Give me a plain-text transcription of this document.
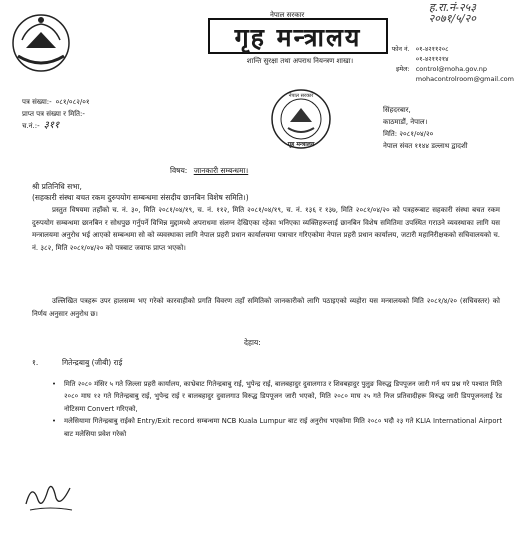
ह.रा.नं-२५३
२०७१/५/२०
नेपाल सरकार
गृह मन्त्रालय
शान्ति सुरक्षा तथा अपराध नियन्त्रण शाखा।
फोन नं. ०१-४२११२०८
०१-४२११२१४
इमेल: control@moha.gov.np
mohacontrolroom@gmail.com
पत्र संख्या:- ०८१/०८२/०१
प्राप्त पत्र संख्या र मिति:-
च.नं.:- ३११
नेपाल सरकार
गृह मन्त्रालय
सिंहदरबार,
काठमाडौं, नेपाल।
मिति: २०८१/०४/२०
नेपाल संवत ११४४ डल्लाथ द्वादशी
विषय: जानकारी सम्बन्धमा।
श्री प्रतिनिधि सभा,
(सहकारी संस्था बचत रकम दुरुपयोग सम्बन्धमा संसदीय छानबिन विशेष समिति।)
प्रस्तुत विषयमा तहाँको च. नं. ३०, मिति २०८१/०४/१९, च. नं. ११२, मिति २०८१/०४/१९, च. नं. १३६ र १३७, मिति २०८१/०४/२० को पत्रहरूबाट सहकारी संस्था बचत रकम दुरुपयोग सम्बन्धमा छानबिन र सोधपुछ गर्नुपर्ने विभिन्न मुद्दामध्ये अपराधमा संलग्न देखिएका रहेका भनिएका व्यक्तिहरूलाई छानबिन विशेष समितिमा उपस्थित गराउने व्यवस्थाका लागि यस मन्त्रालयमा अनुरोध भई आएको सम्बन्धमा सो को व्यवस्थाका लागि नेपाल प्रहरी प्रधान कार्यालयमा पत्राचार गरिएकोमा नेपाल प्रहरी प्रधान कार्यालय, जटारी महानिरीक्षकको सचिवालयको च. नं. ३८२, मिति २०८१/०४/२० को पत्रबाट जवाफ प्राप्त भएको।
उल्लिखित पत्रहरू उपर हालसम्म भए गरेको कारवाहीको प्रगति विवरण तहाँ समितिको जानकारीको लागि पठाइएको व्यहोरा यस मन्त्रालयको मिति २०८१/४/२० (सचिवस्तर) को निर्णय अनुसार अनुरोध छ।
देहाय:
१.	गितेन्द्रबाबु (जीबी) राई
•	मिति २०८० मंसिर ५ गते जिल्ला प्रहरी कार्यालय, काभ्रेबाट गितेन्द्रबाबु राई, भुपेन्द्र राई, बालबहादुर दुवालगाउ र शिवबहादुर पुलुङ विरुद्ध डिपपूजन जारी गर्न थप प्रश्न गरे पश्चात मिति २०८० माघ १२ गते गितेन्द्रबाबु राई, भुपेन्द्र राई र बालबहादुर दुवालगाउ विरुद्ध डिपपूजन जारी भएको, मिति २०८० माघ २५ गते निज प्रतिवादीहरू विरुद्ध जारी डिपपूजनलाई रेड नोटिसमा Convert गरिएको,
•	मलेसियामा गितेन्द्रबाबु राईको Entry/Exit record सम्बन्धमा NCB Kuala Lumpur बाट राई अनुरोध भएकोमा मिति २०८० भदौ २३ गते KLIA International Airport बाट मलेसिया प्रवेश गरेको
